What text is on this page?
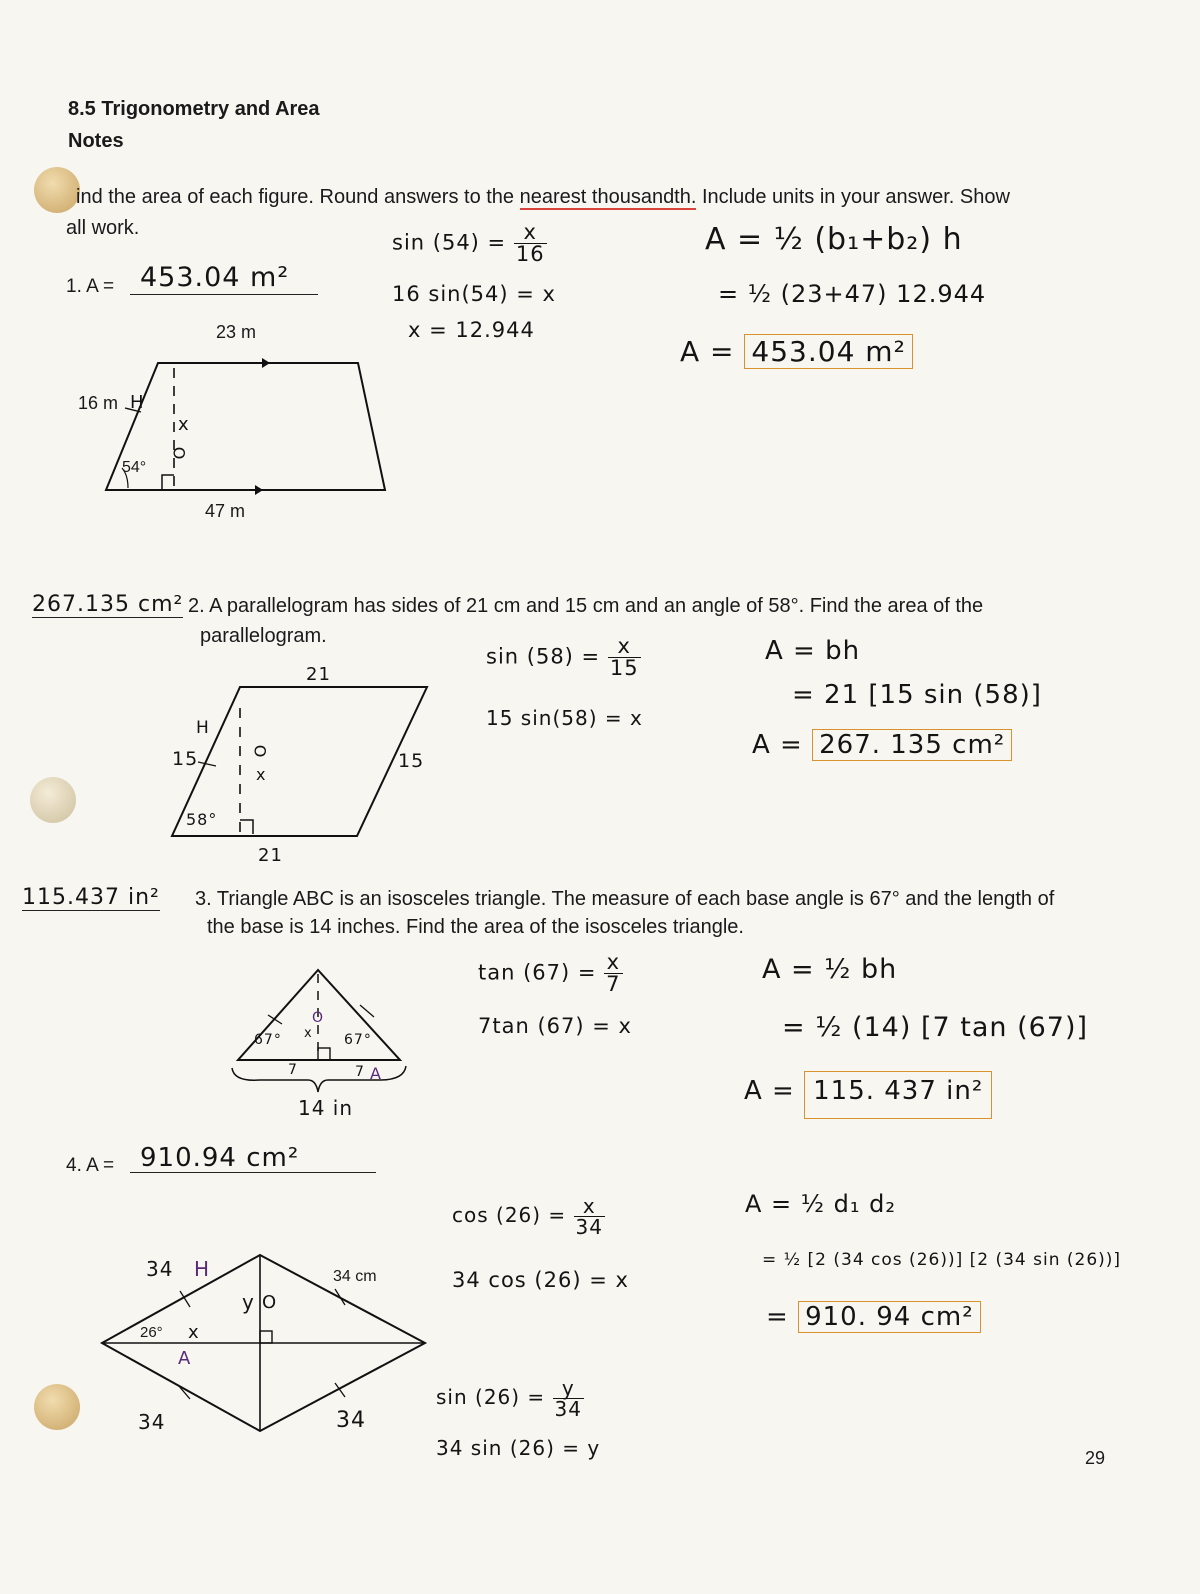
8.5 Trigonometry and Area
Notes
ind the area of each figure. Round answers to the nearest thousandth. Include units in your answer. Show
all work.
1. A = 453.04 m²
23 m
16 m H
54°
x
O
47 m
$\sin (54) = \frac{x}{16}$
16 sin(54) = x
x = 12.944
A = ½ (b₁+b₂) h
= ½ (23+47) 12.944
A = 453.04 m²
267.135 cm² 2. A parallelogram has sides of 21 cm and 15 cm and an angle of 58°. Find the area of the
parallelogram.
21
H
15	O
x
15
58°
21
$\sin (58) = \frac{x}{15}$
15 sin(58) = x
A = bh
= 21 [15 sin (58)]
A = 267. 135 cm²
115.437 in² 3. Triangle ABC is an isosceles triangle. The measure of each base angle is 67° and the length of
the base is 14 inches. Find the area of the isosceles triangle.
67°	67°
O
x
7	7 A
14 in
$\tan (67) = \frac{x}{7}$
7tan (67) = x
A = ½ bh
= ½ (14) [7 tan (67)]
A = 115. 437 in²
4. A = 910.94 cm²
34 H	34 cm
y O
26° x
A
34	34
$\cos (26) = \frac{x}{34}$
34 cos (26) = x
$\sin (26) = \frac{y}{34}$
34 sin (26) = y
A = ½ d₁ d₂
= ½ [2 (34 cos (26))] [2 (34 sin (26))]
= 910. 94 cm²
29
